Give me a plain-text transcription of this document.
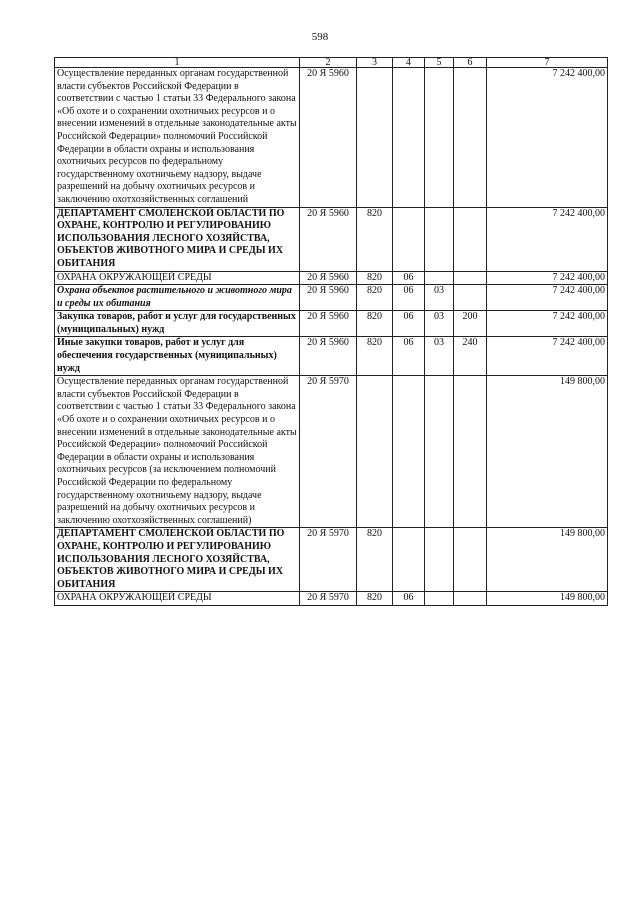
598
1	2	3	4	5	6	7
Осуществление переданных органам государственной власти субъектов Российской Федерации в соответствии с частью 1 статьи 33 Федерального закона «Об охоте и о сохранении охотничьих ресурсов и о внесении изменений в отдельные законодательные акты Российской Федерации» полномочий Российской Федерации в области охраны и использования охотничьих ресурсов по федеральному государственному охотничьему надзору, выдаче разрешений на добычу охотничьих ресурсов и заключению охотхозяйственных соглашений	20 Я 5960					7 242 400,00
ДЕПАРТАМЕНТ СМОЛЕНСКОЙ ОБЛАСТИ ПО ОХРАНЕ, КОНТРОЛЮ И РЕГУЛИРОВАНИЮ ИСПОЛЬЗОВАНИЯ ЛЕСНОГО ХОЗЯЙСТВА, ОБЪЕКТОВ ЖИВОТНОГО МИРА И СРЕДЫ ИХ ОБИТАНИЯ	20 Я 5960	820				7 242 400,00
ОХРАНА ОКРУЖАЮЩЕЙ СРЕДЫ	20 Я 5960	820	06			7 242 400,00
Охрана объектов растительного и животного мира и среды их обитания	20 Я 5960	820	06	03		7 242 400,00
Закупка товаров, работ и услуг для государственных (муниципальных) нужд	20 Я 5960	820	06	03	200	7 242 400,00
Иные закупки товаров, работ и услуг для обеспечения государственных (муниципальных) нужд	20 Я 5960	820	06	03	240	7 242 400,00
Осуществление переданных органам государственной власти субъектов Российской Федерации в соответствии с частью 1 статьи 33 Федерального закона «Об охоте и о сохранении охотничьих ресурсов и о внесении изменений в отдельные законодательные акты Российской Федерации» полномочий Российской Федерации в области охраны и использования охотничьих ресурсов (за исключением полномочий Российской Федерации по федеральному государственному охотничьему надзору, выдаче разрешений на добычу охотничьих ресурсов и заключению охотхозяйственных соглашений)	20 Я 5970					149 800,00
ДЕПАРТАМЕНТ СМОЛЕНСКОЙ ОБЛАСТИ ПО ОХРАНЕ, КОНТРОЛЮ И РЕГУЛИРОВАНИЮ ИСПОЛЬЗОВАНИЯ ЛЕСНОГО ХОЗЯЙСТВА, ОБЪЕКТОВ ЖИВОТНОГО МИРА И СРЕДЫ ИХ ОБИТАНИЯ	20 Я 5970	820				149 800,00
ОХРАНА ОКРУЖАЮЩЕЙ СРЕДЫ	20 Я 5970	820	06			149 800,00
